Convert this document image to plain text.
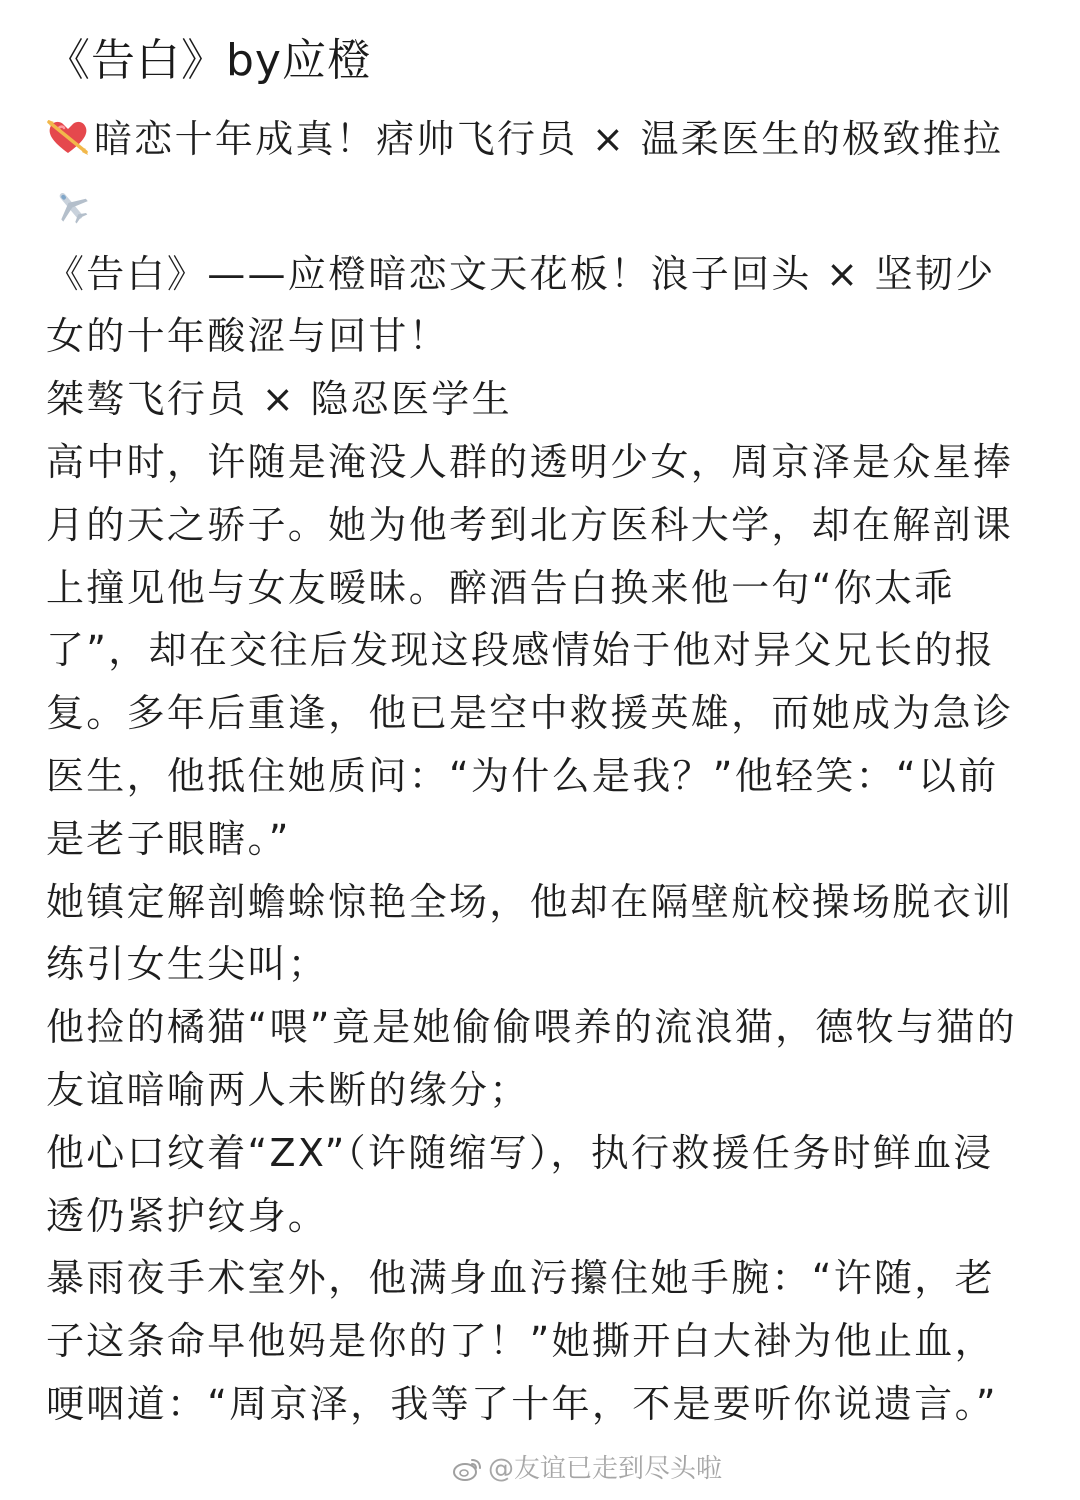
《告白》by应橙

暗恋十年成真！痞帅飞行员 × 温柔医生的极致推拉

《告白》——应橙暗恋文天花板！浪子回头 × 坚韧少女的十年酸涩与回甘！

桀骜飞行员 × 隐忍医学生

高中时，许随是淹没人群的透明少女，周京泽是众星捧月的天之骄子。她为他考到北方医科大学，却在解剖课上撞见他与女友暧昧。醉酒告白换来他一句“你太乖了”，却在交往后发现这段感情始于他对异父兄长的报复。多年后重逢，他已是空中救援英雄，而她成为急诊医生，他抵住她质问：“为什么是我？”他轻笑：“以前是老子眼瞎。”

她镇定解剖蟾蜍惊艳全场，他却在隔壁航校操场脱衣训练引女生尖叫；

他捡的橘猫“喂”竟是她偷偷喂养的流浪猫，德牧与猫的友谊暗喻两人未断的缘分；

他心口纹着“ZX”（许随缩写），执行救援任务时鲜血浸透仍紧护纹身。

暴雨夜手术室外，他满身血污攥住她手腕：“许随，老子这条命早他妈是你的了！”她撕开白大褂为他止血，哽咽道：“周京泽，我等了十年，不是要听你说遗言。”

@友谊已走到尽头啦
